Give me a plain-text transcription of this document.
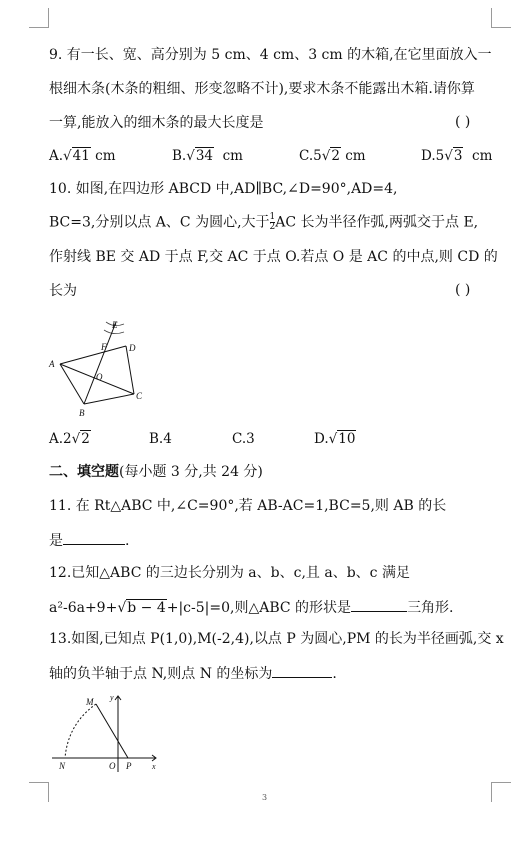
9. 有一长、宽、高分别为 5 cm、4 cm、3 cm 的木箱,在它里面放入一
根细木条(木条的粗细、形变忽略不计),要求木条不能露出木箱.请你算
一算,能放入的细木条的最大长度是	( )
A.√41 cm	B.√34  cm	C.5√2 cm	D.5√3  cm
10. 如图,在四边形 ABCD 中,AD∥BC,∠D=90°,AD=4,
BC=3,分别以点 A、C 为圆心,大于 $\frac{1}{2}$ AC 长为半径作弧,两弧交于点 E,
作射线 BE 交 AD 于点 F,交 AC 于点 O.若点 O 是 AC 的中点,则 CD 的
长为	( )
E
F	D
A
O
C
B
A.2√2	B.4	C.3	D.√10
二、填空题(每小题 3 分,共 24 分)
11. 在 Rt△ABC 中,∠C=90°,若 AB-AC=1,BC=5,则 AB 的长
是	.
12.已知△ABC 的三边长分别为 a、b、c,且 a、b、c 满足
a²-6a+9+√b − 4+|c-5|=0,则△ABC 的形状是	三角形.
13.如图,已知点 P(1,0),M(-2,4),以点 P 为圆心,PM 的长为半径画弧,交 x
轴的负半轴于点 N,则点 N 的坐标为	.
M y
N	O P	x
3
